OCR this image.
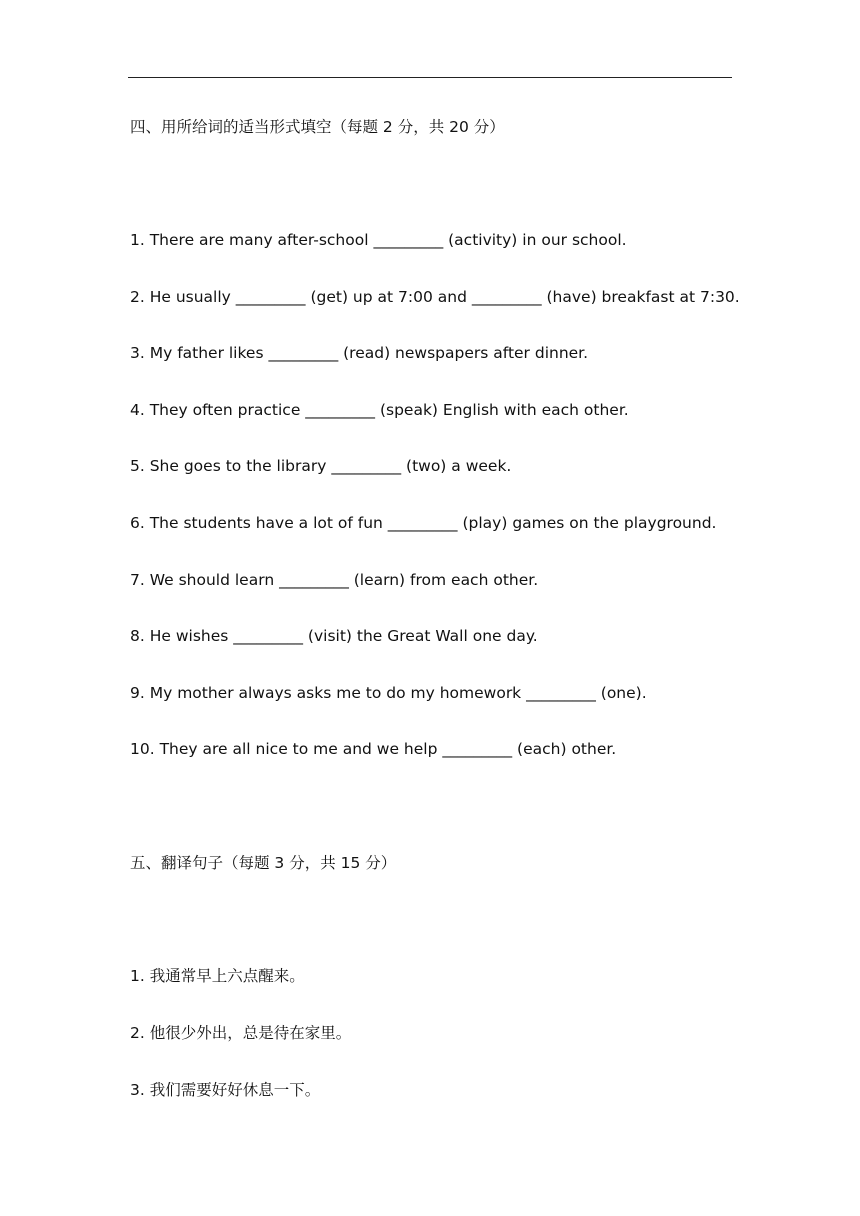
四、用所给词的适当形式填空（每题 2 分，共 20 分）
1. There are many after-school _________ (activity) in our school.
2. He usually _________ (get) up at 7:00 and _________ (have) breakfast at 7:30.
3. My father likes _________ (read) newspapers after dinner.
4. They often practice _________ (speak) English with each other.
5. She goes to the library _________ (two) a week.
6. The students have a lot of fun _________ (play) games on the playground.
7. We should learn _________ (learn) from each other.
8. He wishes _________ (visit) the Great Wall one day.
9. My mother always asks me to do my homework _________ (one).
10. They are all nice to me and we help _________ (each) other.
五、翻译句子（每题 3 分，共 15 分）
1. 我通常早上六点醒来。
2. 他很少外出，总是待在家里。
3. 我们需要好好休息一下。
